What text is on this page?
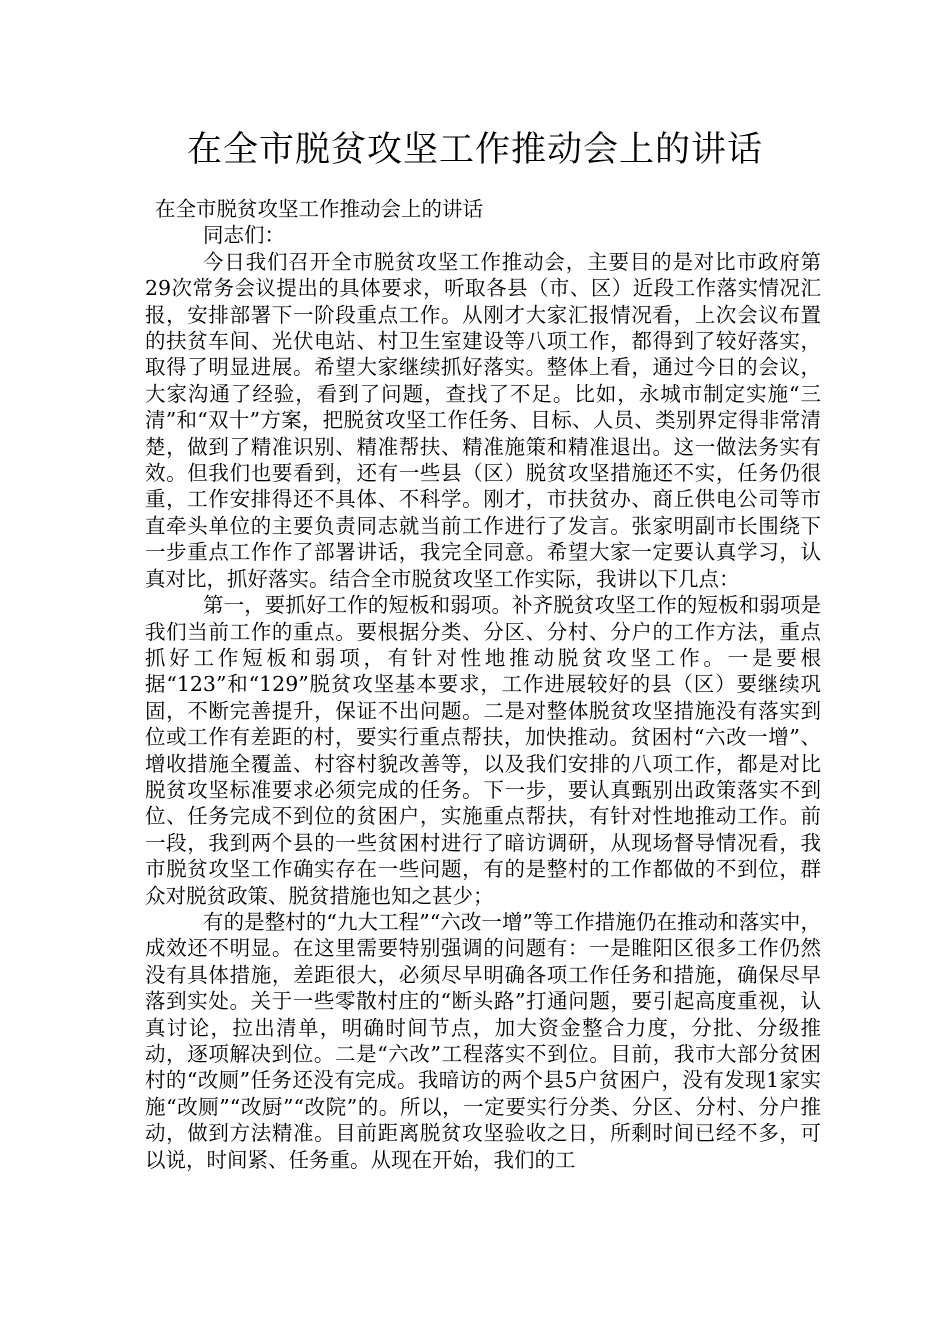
在全市脱贫攻坚工作推动会上的讲话

在全市脱贫攻坚工作推动会上的讲话

同志们：

今日我们召开全市脱贫攻坚工作推动会，主要目的是对比市政府第29次常务会议提出的具体要求，听取各县（市、区）近段工作落实情况汇报，安排部署下一阶段重点工作。从刚才大家汇报情况看，上次会议布置的扶贫车间、光伏电站、村卫生室建设等八项工作，都得到了较好落实，取得了明显进展。希望大家继续抓好落实。整体上看，通过今日的会议，大家沟通了经验，看到了问题，查找了不足。比如，永城市制定实施“三清”和“双十”方案，把脱贫攻坚工作任务、目标、人员、类别界定得非常清楚，做到了精准识别、精准帮扶、精准施策和精准退出。这一做法务实有效。但我们也要看到，还有一些县（区）脱贫攻坚措施还不实，任务仍很重，工作安排得还不具体、不科学。刚才，市扶贫办、商丘供电公司等市直牵头单位的主要负责同志就当前工作进行了发言。张家明副市长围绕下一步重点工作作了部署讲话，我完全同意。希望大家一定要认真学习，认真对比，抓好落实。结合全市脱贫攻坚工作实际，我讲以下几点：

第一，要抓好工作的短板和弱项。补齐脱贫攻坚工作的短板和弱项是我们当前工作的重点。要根据分类、分区、分村、分户的工作方法，重点抓好工作短板和弱项，有针对性地推动脱贫攻坚工作。一是要根据“123”和“129”脱贫攻坚基本要求，工作进展较好的县（区）要继续巩固，不断完善提升，保证不出问题。二是对整体脱贫攻坚措施没有落实到位或工作有差距的村，要实行重点帮扶，加快推动。贫困村“六改一增”、增收措施全覆盖、村容村貌改善等，以及我们安排的八项工作，都是对比脱贫攻坚标准要求必须完成的任务。下一步，要认真甄别出政策落实不到位、任务完成不到位的贫困户，实施重点帮扶，有针对性地推动工作。前一段，我到两个县的一些贫困村进行了暗访调研，从现场督导情况看，我市脱贫攻坚工作确实存在一些问题，有的是整村的工作都做的不到位，群众对脱贫政策、脱贫措施也知之甚少；

有的是整村的“九大工程”“六改一增”等工作措施仍在推动和落实中，成效还不明显。在这里需要特别强调的问题有：一是睢阳区很多工作仍然没有具体措施，差距很大，必须尽早明确各项工作任务和措施，确保尽早落到实处。关于一些零散村庄的“断头路”打通问题，要引起高度重视，认真讨论，拉出清单，明确时间节点，加大资金整合力度，分批、分级推动，逐项解决到位。二是“六改”工程落实不到位。目前，我市大部分贫困村的“改厕”任务还没有完成。我暗访的两个县5户贫困户，没有发现1家实施“改厕”“改厨”“改院”的。所以，一定要实行分类、分区、分村、分户推动，做到方法精准。目前距离脱贫攻坚验收之日，所剩时间已经不多，可以说，时间紧、任务重。从现在开始，我们的工
